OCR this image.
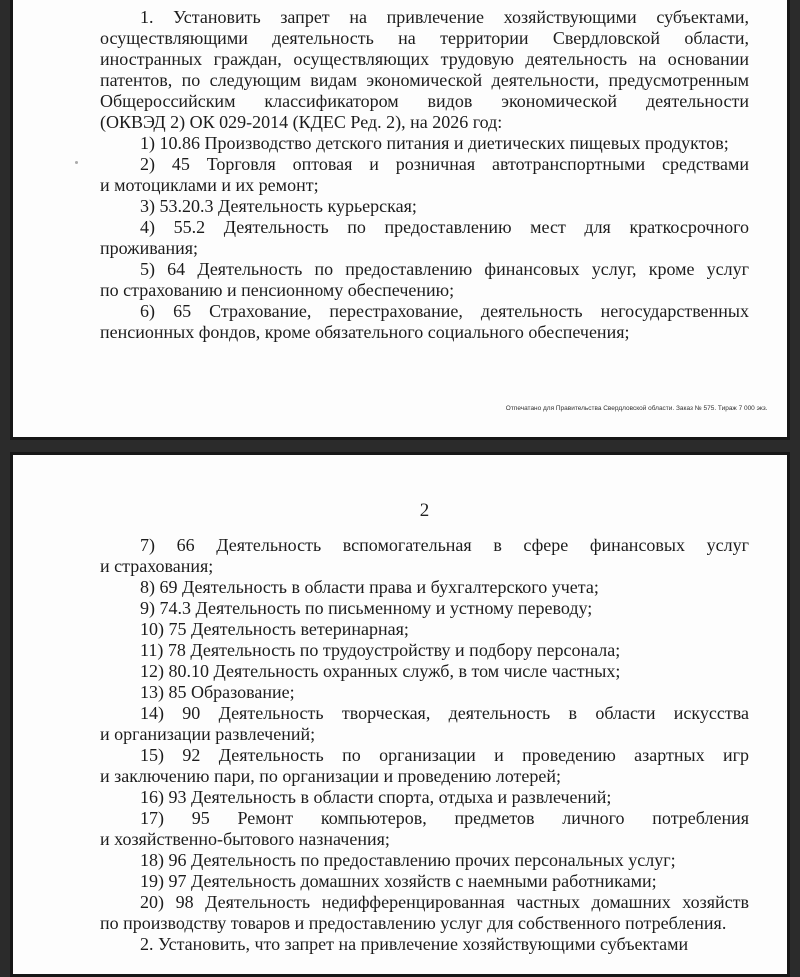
1. Установить запрет на привлечение хозяйствующими субъектами,
осуществляющими деятельность на территории Свердловской области,
иностранных граждан, осуществляющих трудовую деятельность на основании
патентов, по следующим видам экономической деятельности, предусмотренным
Общероссийским классификатором видов экономической деятельности
(ОКВЭД 2) ОК 029-2014 (КДЕС Ред. 2), на 2026 год:
1) 10.86 Производство детского питания и диетических пищевых продуктов;
2) 45 Торговля оптовая и розничная автотранспортными средствами
и мотоциклами и их ремонт;
3) 53.20.3 Деятельность курьерская;
4) 55.2 Деятельность по предоставлению мест для краткосрочного
проживания;
5) 64 Деятельность по предоставлению финансовых услуг, кроме услуг
по страхованию и пенсионному обеспечению;
6) 65 Страхование, перестрахование, деятельность негосударственных
пенсионных фондов, кроме обязательного социального обеспечения;
Отпечатано для Правительства Свердловской области. Заказ № 575. Тираж 7 000 экз.
2
7) 66 Деятельность вспомогательная в сфере финансовых услуг
и страхования;
8) 69 Деятельность в области права и бухгалтерского учета;
9) 74.3 Деятельность по письменному и устному переводу;
10) 75 Деятельность ветеринарная;
11) 78 Деятельность по трудоустройству и подбору персонала;
12) 80.10 Деятельность охранных служб, в том числе частных;
13) 85 Образование;
14) 90 Деятельность творческая, деятельность в области искусства
и организации развлечений;
15) 92 Деятельность по организации и проведению азартных игр
и заключению пари, по организации и проведению лотерей;
16) 93 Деятельность в области спорта, отдыха и развлечений;
17) 95 Ремонт компьютеров, предметов личного потребления
и хозяйственно-бытового назначения;
18) 96 Деятельность по предоставлению прочих персональных услуг;
19) 97 Деятельность домашних хозяйств с наемными работниками;
20) 98 Деятельность недифференцированная частных домашних хозяйств
по производству товаров и предоставлению услуг для собственного потребления.
2. Установить, что запрет на привлечение хозяйствующими субъектами
